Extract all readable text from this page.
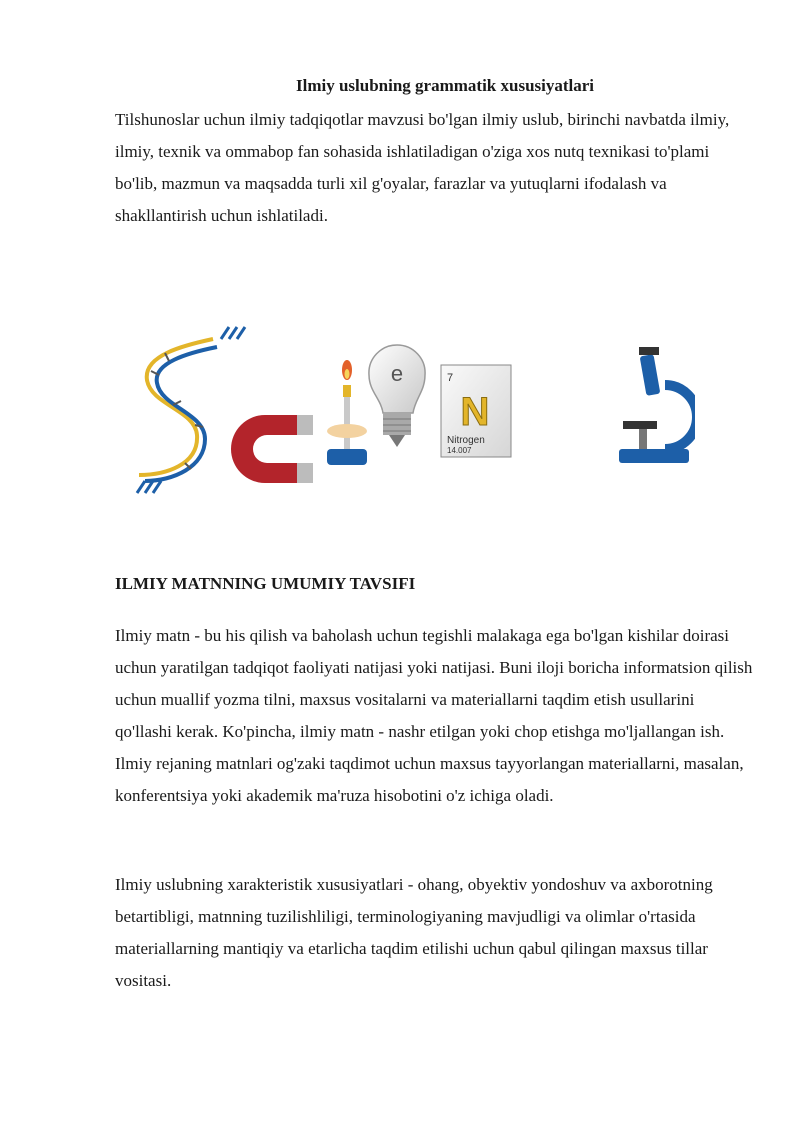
Ilmiy uslubning grammatik xususiyatlari

Tilshunoslar uchun ilmiy tadqiqotlar mavzusi bo'lgan ilmiy uslub, birinchi navbatda ilmiy, ilmiy, texnik va ommabop fan sohasida ishlatiladigan o'ziga xos nutq texnikasi to'plami bo'lib, mazmun va maqsadda turli xil g'oyalar, farazlar va yutuqlarni ifodalash va shakllantirish uchun ishlatiladi.

e	7
N
Nitrogen
14.007
ILMIY MATNNING UMUMIY TAVSIFI

Ilmiy matn - bu his qilish va baholash uchun tegishli malakaga ega bo'lgan kishilar doirasi uchun yaratilgan tadqiqot faoliyati natijasi yoki natijasi. Buni iloji boricha informatsion qilish uchun muallif yozma tilni, maxsus vositalarni va materiallarni taqdim etish usullarini qo'llashi kerak. Ko'pincha, ilmiy matn - nashr etilgan yoki chop etishga mo'ljallangan ish. Ilmiy rejaning matnlari og'zaki taqdimot uchun maxsus tayyorlangan materiallarni, masalan, konferentsiya yoki akademik ma'ruza hisobotini o'z ichiga oladi.

Ilmiy uslubning xarakteristik xususiyatlari - ohang, obyektiv yondoshuv va axborotning betartibligi, matnning tuzilishliligi, terminologiyaning mavjudligi va olimlar o'rtasida materiallarning mantiqiy va etarlicha taqdim etilishi uchun qabul qilingan maxsus tillar vositasi.
